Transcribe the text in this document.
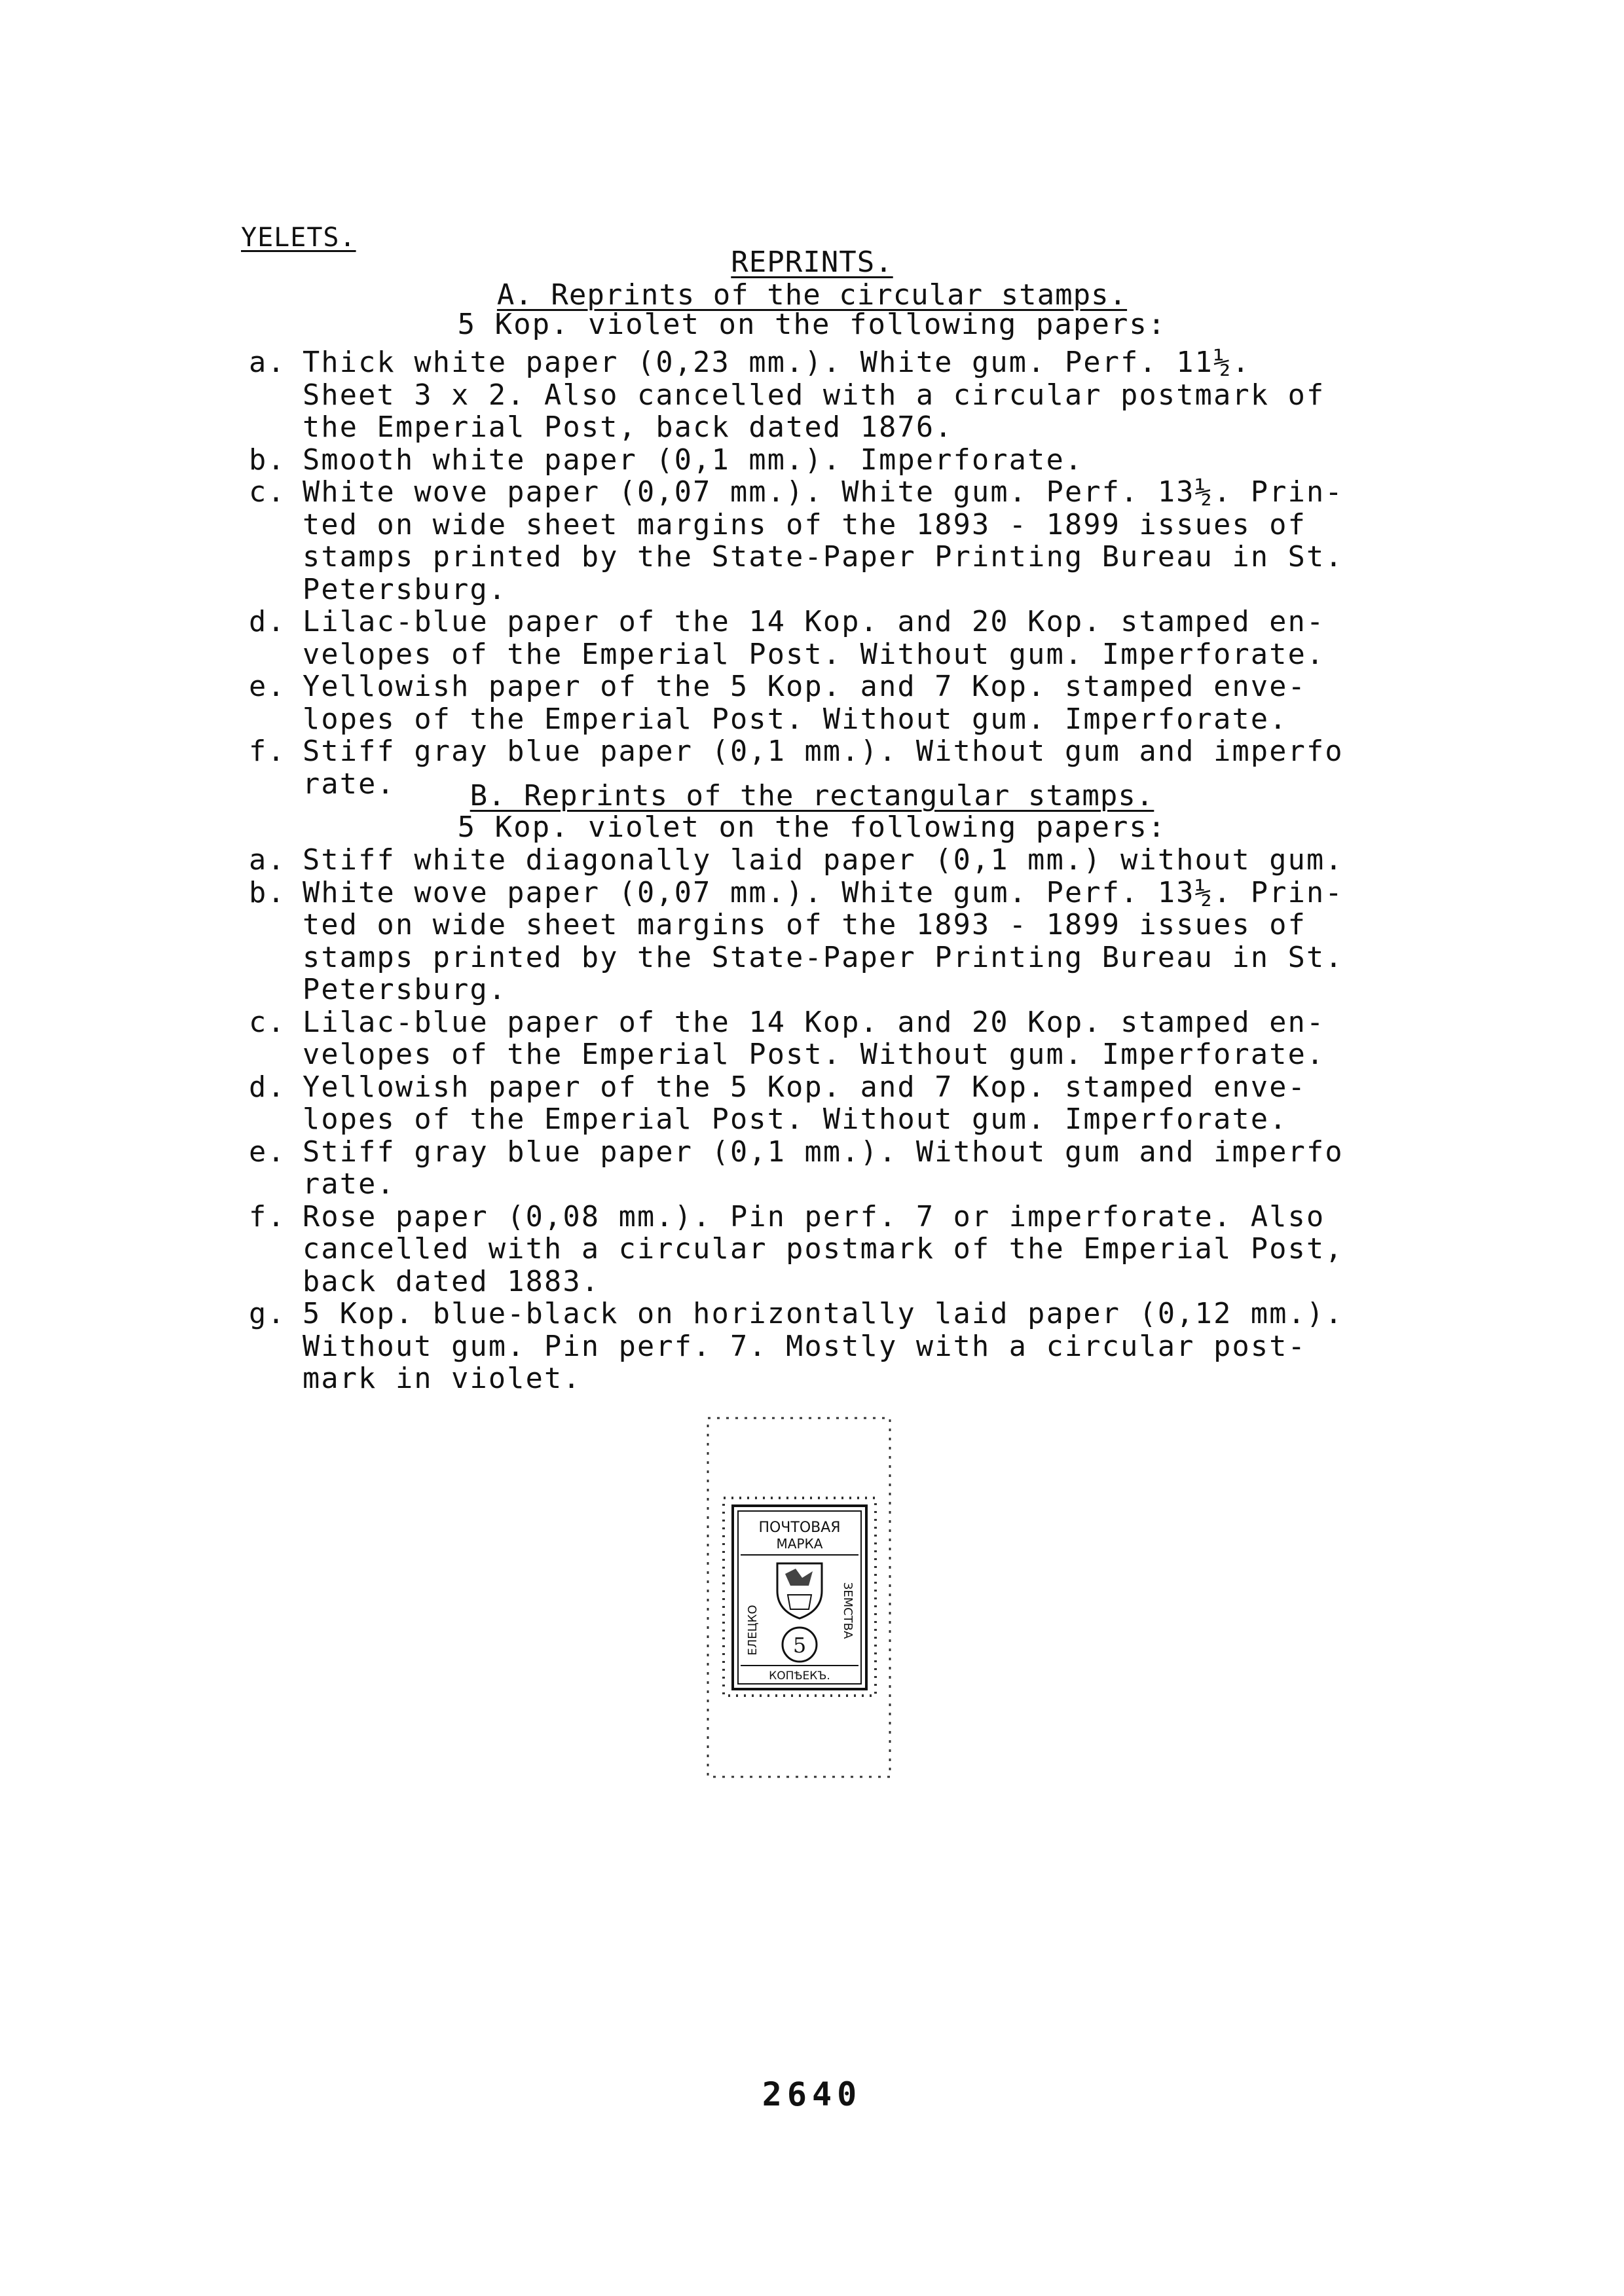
YELETS.
REPRINTS.
A. Reprints of the circular stamps.
5 Kop. violet on the following papers:
a. Thick white paper (0,23 mm.). White gum. Perf. 11½.
Sheet 3 x 2. Also cancelled with a circular postmark of
the Emperial Post, back dated 1876.
b. Smooth white paper (0,1 mm.). Imperforate.
c. White wove paper (0,07 mm.). White gum. Perf. 13½. Prin-
ted on wide sheet margins of the 1893 - 1899 issues of
stamps printed by the State-Paper Printing Bureau in St.
Petersburg.
d. Lilac-blue paper of the 14 Kop. and 20 Kop. stamped en-
velopes of the Emperial Post. Without gum. Imperforate.
e. Yellowish paper of the 5 Kop. and 7 Kop. stamped enve-
lopes of the Emperial Post. Without gum. Imperforate.
f. Stiff gray blue paper (0,1 mm.). Without gum and imperfo
rate.	B. Reprints of the rectangular stamps.
5 Kop. violet on the following papers:
a. Stiff white diagonally laid paper (0,1 mm.) without gum.
b. White wove paper (0,07 mm.). White gum. Perf. 13½. Prin-
ted on wide sheet margins of the 1893 - 1899 issues of
stamps printed by the State-Paper Printing Bureau in St.
Petersburg.
c. Lilac-blue paper of the 14 Kop. and 20 Kop. stamped en-
velopes of the Emperial Post. Without gum. Imperforate.
d. Yellowish paper of the 5 Kop. and 7 Kop. stamped enve-
lopes of the Emperial Post. Without gum. Imperforate.
e. Stiff gray blue paper (0,1 mm.). Without gum and imperfo
rate.
f. Rose paper (0,08 mm.). Pin perf. 7 or imperforate. Also
cancelled with a circular postmark of the Emperial Post,
back dated 1883.
g. 5 Kop. blue-black on horizontally laid paper (0,12 mm.).
Without gum. Pin perf. 7. Mostly with a circular post-
mark in violet.
ПОЧТОВАЯ
МАРКА
ЕЛЕЦКО	ЗЕМСТВА
5
КОПѢЕКЪ.
2640
